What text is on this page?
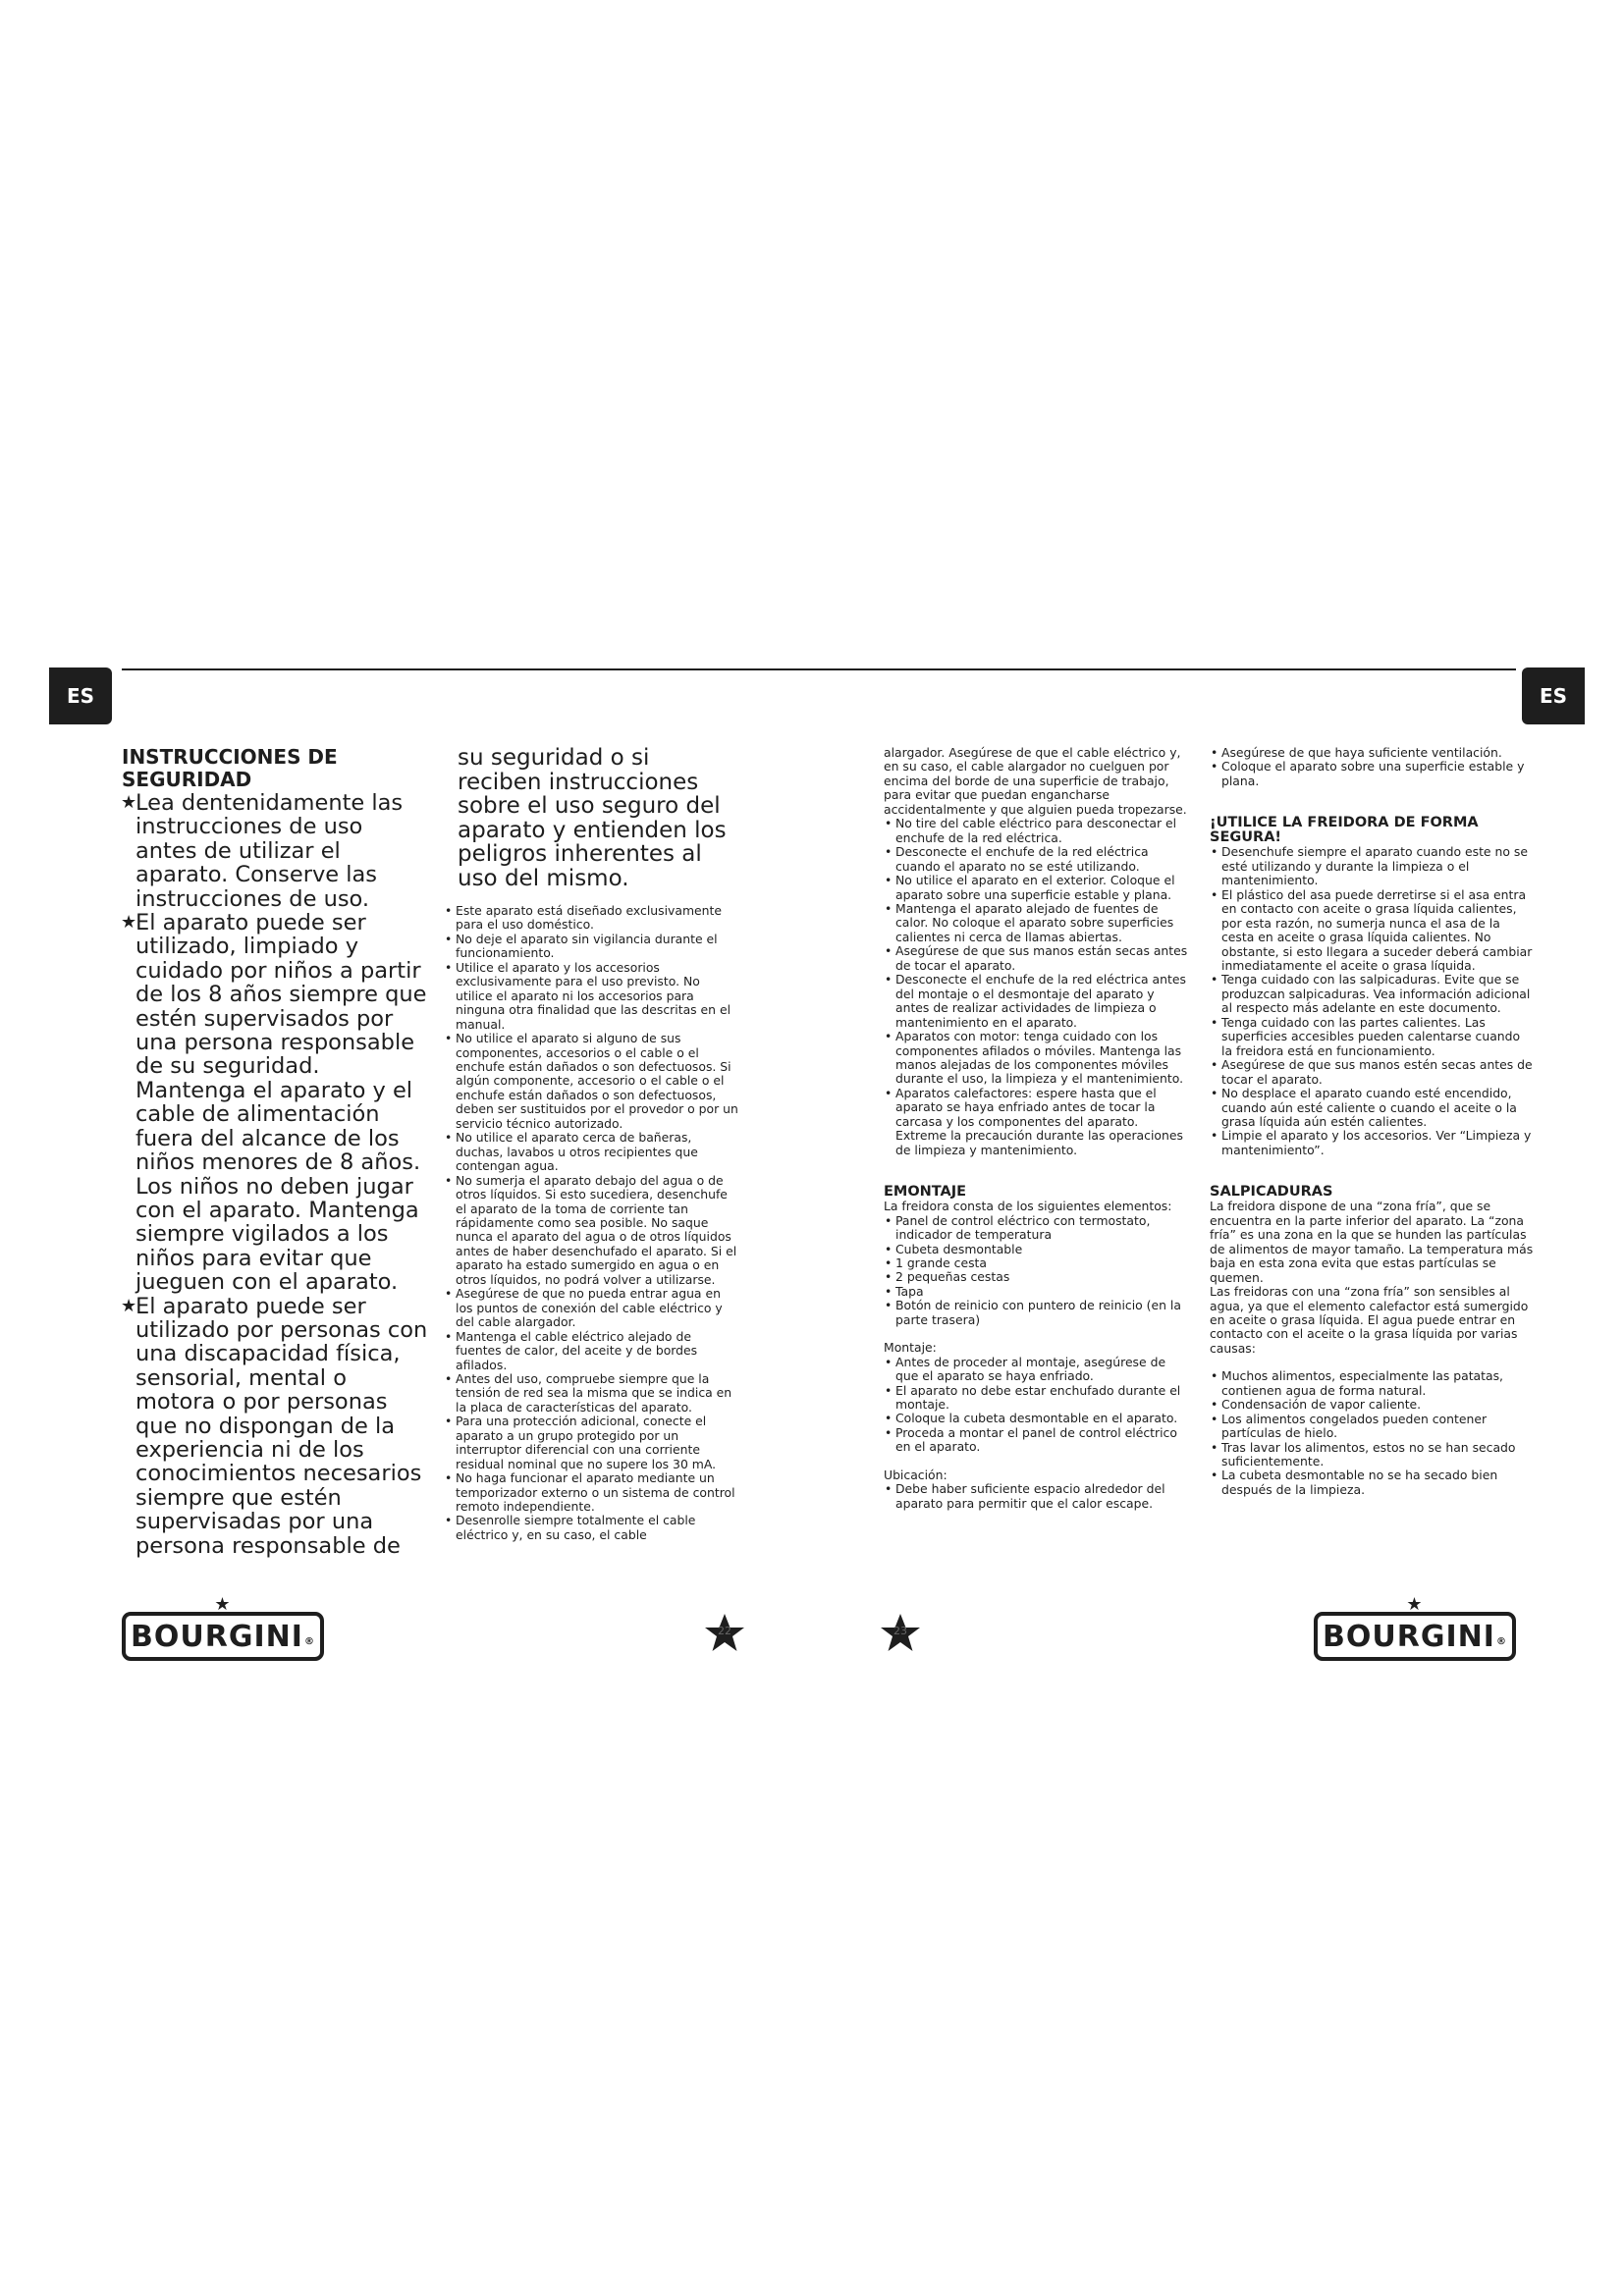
ES	ES
INSTRUCCIONES DE SEGURIDAD
★
Lea dentenidamente las instrucciones de uso antes de utilizar el aparato. Conserve las instrucciones de uso.
★
El aparato puede ser utilizado, limpiado y cuidado por niños a partir de los 8 años siempre que estén supervisados por una persona responsable de su seguridad. Mantenga el aparato y el cable de alimentación fuera del alcance de los niños menores de 8 años. Los niños no deben jugar con el aparato. Mantenga siempre vigilados a los niños para evitar que jueguen con el aparato.
★
El aparato puede ser utilizado por personas con una discapacidad física, sensorial, mental o motora o por personas que no dispongan de la experiencia ni de los conocimientos necesarios siempre que estén supervisadas por una persona responsable de

su seguridad o si reciben instrucciones sobre el uso seguro del aparato y entienden los peligros inherentes al uso del mismo.

• Este aparato está diseñado exclusivamente para el uso doméstico.
• No deje el aparato sin vigilancia durante el funcionamiento.
• Utilice el aparato y los accesorios exclusivamente para el uso previsto. No utilice el aparato ni los accesorios para ninguna otra finalidad que las descritas en el manual.
• No utilice el aparato si alguno de sus componentes, accesorios o el cable o el enchufe están dañados o son defectuosos. Si algún componente, accesorio o el cable o el enchufe están dañados o son defectuosos, deben ser sustituidos por el provedor o por un servicio técnico autorizado.
• No utilice el aparato cerca de bañeras, duchas, lavabos u otros recipientes que contengan agua.
• No sumerja el aparato debajo del agua o de otros líquidos. Si esto sucediera, desenchufe el aparato de la toma de corriente tan rápidamente como sea posible. No saque nunca el aparato del agua o de otros líquidos antes de haber desenchufado el aparato. Si el aparato ha estado sumergido en agua o en otros líquidos, no podrá volver a utilizarse.
• Asegúrese de que no pueda entrar agua en los puntos de conexión del cable eléctrico y del cable alargador.
• Mantenga el cable eléctrico alejado de fuentes de calor, del aceite y de bordes afilados.
• Antes del uso, compruebe siempre que la tensión de red sea la misma que se indica en la placa de características del aparato.
• Para una protección adicional, conecte el aparato a un grupo protegido por un interruptor diferencial con una corriente residual nominal que no supere los 30 mA.
• No haga funcionar el aparato mediante un temporizador externo o un sistema de control remoto independiente.
• Desenrolle siempre totalmente el cable eléctrico y, en su caso, el cable

alargador. Asegúrese de que el cable eléctrico y, en su caso, el cable alargador no cuelguen por encima del borde de una superficie de trabajo, para evitar que puedan engancharse accidentalmente y que alguien pueda tropezarse.

• No tire del cable eléctrico para desconectar el enchufe de la red eléctrica.
• Desconecte el enchufe de la red eléctrica cuando el aparato no se esté utilizando.
• No utilice el aparato en el exterior. Coloque el aparato sobre una superficie estable y plana.
• Mantenga el aparato alejado de fuentes de calor. No coloque el aparato sobre superficies calientes ni cerca de llamas abiertas.
• Asegúrese de que sus manos están secas antes de tocar el aparato.
• Desconecte el enchufe de la red eléctrica antes del montaje o el desmontaje del aparato y antes de realizar actividades de limpieza o mantenimiento en el aparato.
• Aparatos con motor: tenga cuidado con los componentes afilados o móviles. Mantenga las manos alejadas de los componentes móviles durante el uso, la limpieza y el mantenimiento.
• Aparatos calefactores: espere hasta que el aparato se haya enfriado antes de tocar la carcasa y los componentes del aparato. Extreme la precaución durante las operaciones de limpieza y mantenimiento.
EMONTAJE

La freidora consta de los siguientes elementos:

• Panel de control eléctrico con termostato, indicador de temperatura
• Cubeta desmontable
• 1 grande cesta
• 2 pequeñas cestas
• Tapa
• Botón de reinicio con puntero de reinicio (en la parte trasera)

Montaje:

• Antes de proceder al montaje, asegúrese de que el aparato se haya enfriado.
• El aparato no debe estar enchufado durante el montaje.
• Coloque la cubeta desmontable en el aparato.
• Proceda a montar el panel de control eléctrico en el aparato.

Ubicación:

• Debe haber suficiente espacio alrededor del aparato para permitir que el calor escape.
• Asegúrese de que haya suficiente ventilación.
• Coloque el aparato sobre una superficie estable y plana.
¡UTILICE LA FREIDORA DE FORMA SEGURA!
• Desenchufe siempre el aparato cuando este no se esté utilizando y durante la limpieza o el mantenimiento.
• El plástico del asa puede derretirse si el asa entra en contacto con aceite o grasa líquida calientes, por esta razón, no sumerja nunca el asa de la cesta en aceite o grasa líquida calientes. No obstante, si esto llegara a suceder deberá cambiar inmediatamente el aceite o grasa líquida.
• Tenga cuidado con las salpicaduras. Evite que se produzcan salpicaduras. Vea información adicional al respecto más adelante en este documento.
• Tenga cuidado con las partes calientes. Las superficies accesibles pueden calentarse cuando la freidora está en funcionamiento.
• Asegúrese de que sus manos estén secas antes de tocar el aparato.
• No desplace el aparato cuando esté encendido, cuando aún esté caliente o cuando el aceite o la grasa líquida aún estén calientes.
• Limpie el aparato y los accesorios. Ver “Limpieza y mantenimiento”.
SALPICADURAS

La freidora dispone de una “zona fría”, que se encuentra en la parte inferior del aparato. La “zona fría” es una zona en la que se hunden las partículas de alimentos de mayor tamaño. La temperatura más baja en esta zona evita que estas partículas se quemen.

Las freidoras con una “zona fría” son sensibles al agua, ya que el elemento calefactor está sumergido en aceite o grasa líquida. El agua puede entrar en contacto con el aceite o la grasa líquida por varias causas:

• Muchos alimentos, especialmente las patatas, contienen agua de forma natural.
• Condensación de vapor caliente.
• Los alimentos congelados pueden contener partículas de hielo.
• Tras lavar los alimentos, estos no se han secado suficientemente.
• La cubeta desmontable no se ha secado bien después de la limpieza.
★
BOURGINI ®
22	23
★
BOURGINI ®
